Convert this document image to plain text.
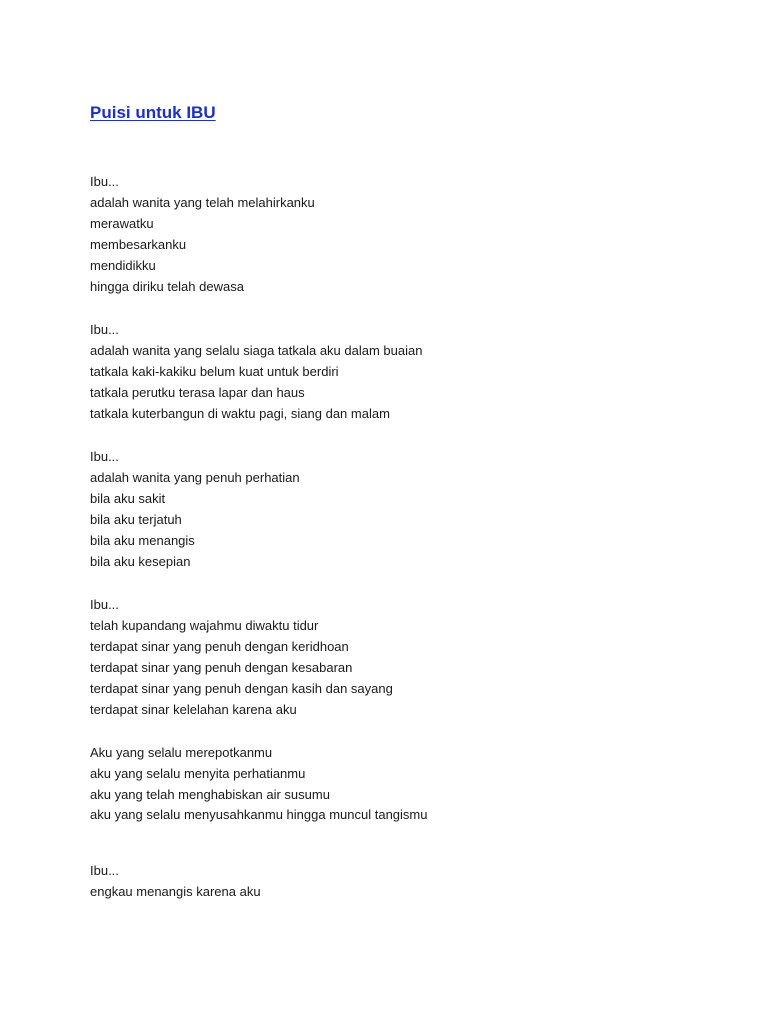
Puisi untuk IBU
Ibu...
adalah wanita yang telah melahirkanku
merawatku
membesarkanku
mendidikku
hingga diriku telah dewasa
Ibu...
adalah wanita yang selalu siaga tatkala aku dalam buaian
tatkala kaki-kakiku belum kuat untuk berdiri
tatkala perutku terasa lapar dan haus
tatkala kuterbangun di waktu pagi, siang dan malam
Ibu...
adalah wanita yang penuh perhatian
bila aku sakit
bila aku terjatuh
bila aku menangis
bila aku kesepian
Ibu...
telah kupandang wajahmu diwaktu tidur
terdapat sinar yang penuh dengan keridhoan
terdapat sinar yang penuh dengan kesabaran
terdapat sinar yang penuh dengan kasih dan sayang
terdapat sinar kelelahan karena aku
Aku yang selalu merepotkanmu
aku yang selalu menyita perhatianmu
aku yang telah menghabiskan air susumu
aku yang selalu menyusahkanmu hingga muncul tangismu
Ibu...
engkau menangis karena aku
